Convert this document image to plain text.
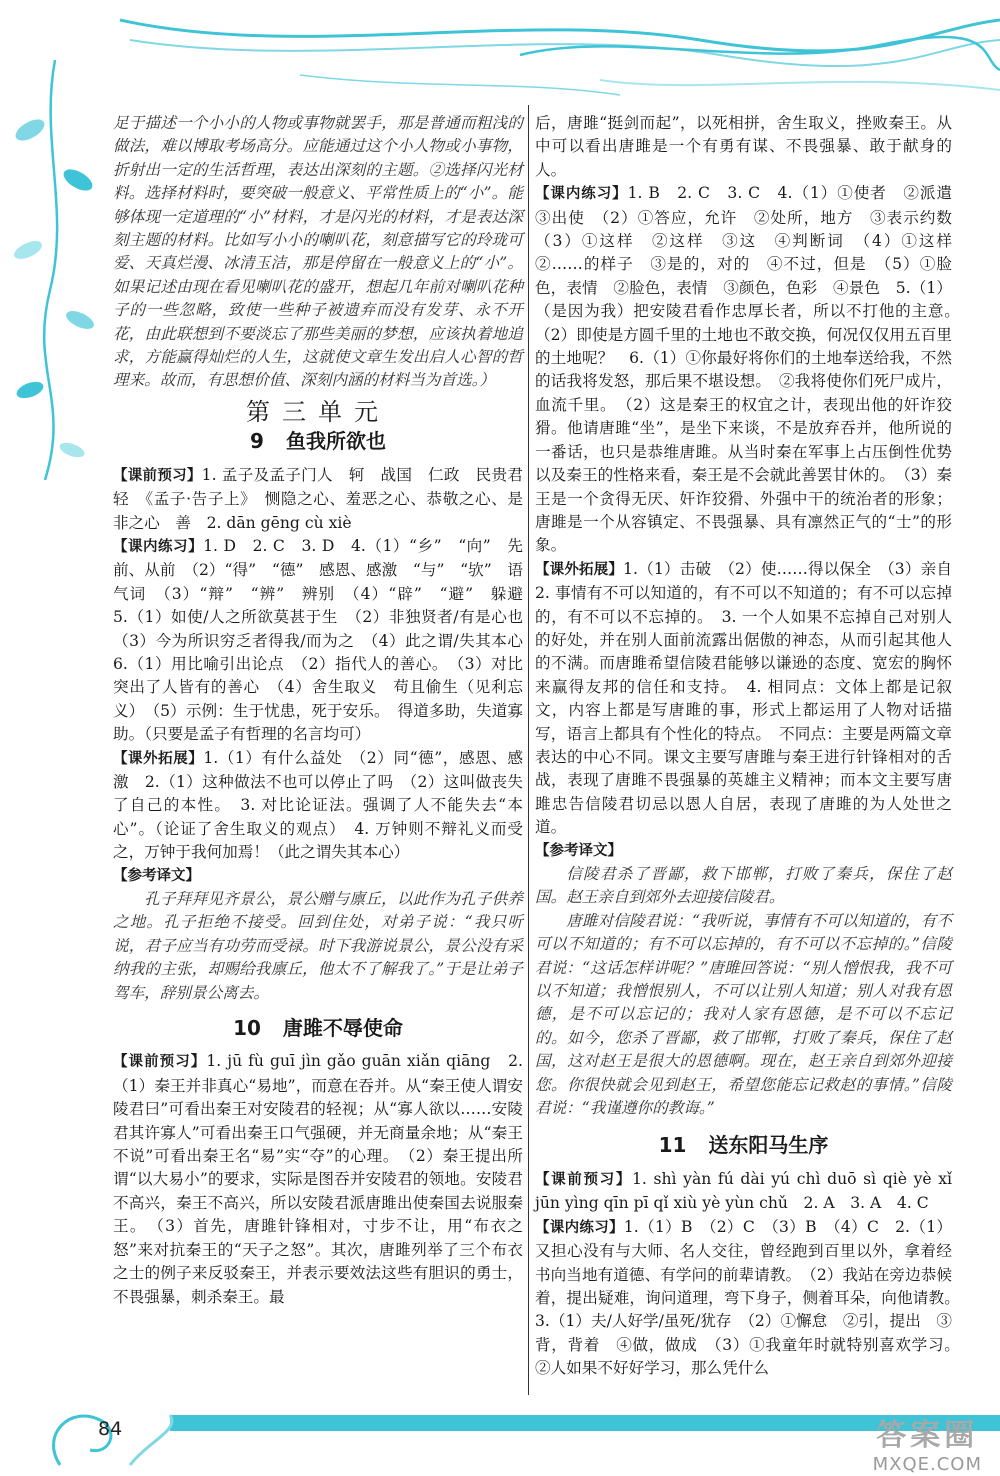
84	答案圈
MXQE.COM

足于描述一个小小的人物或事物就罢手，那是普通而粗浅的做法，难以博取考场高分。应能通过这个小人物或小事物，折射出一定的生活哲理，表达出深刻的主题。②选择闪光材料。选择材料时，要突破一般意义、平常性质上的“小”。能够体现一定道理的“小”材料，才是闪光的材料，才是表达深刻主题的材料。比如写小小的喇叭花，刻意描写它的玲珑可爱、天真烂漫、冰清玉洁，那是停留在一般意义上的“小”。如果记述由现在看见喇叭花的盛开，想起几年前对喇叭花种子的一些忽略，致使一些种子被遗弃而没有发芽、永不开花，由此联想到不要淡忘了那些美丽的梦想，应该执着地追求，方能赢得灿烂的人生，这就使文章生发出启人心智的哲理来。故而，有思想价值、深刻内涵的材料当为首选。）

第三单元
9 鱼我所欲也

【课前预习】1. 孟子及孟子门人　轲　战国　仁政　民贵君轻　《孟子·告子上》　恻隐之心、羞恶之心、恭敬之心、是非之心　善　2. dān gēng cù xiè

【课内练习】1. D　2. C　3. D　4.（1）“乡”　“向”　先前、从前　（2）“得”　“德”　感恩、感激　“与”　“欤”　语气词　（3）“辩”　“辨”　辨别　（4）“辟”　“避”　躲避　5.（1）如使/人之所欲莫甚于生　（2）非独贤者/有是心也　（3）今为所识穷乏者得我/而为之　（4）此之谓/失其本心　6.（1）用比喻引出论点　（2）指代人的善心。　（3）对比　突出了人皆有的善心　（4）舍生取义　苟且偷生（见利忘义）　（5）示例：生于忧患，死于安乐。　得道多助，失道寡助。（只要是孟子有哲理的名言均可）

【课外拓展】1.（1）有什么益处　（2）同“德”，感恩、感激　2.（1）这种做法不也可以停止了吗　（2）这叫做丧失了自己的本性。　3. 对比论证法。强调了人不能失去“本心”。（论证了舍生取义的观点）　4. 万钟则不辩礼义而受之，万钟于我何加焉！（此之谓失其本心）

【参考译文】

孔子拜拜见齐景公，景公赠与廪丘，以此作为孔子供养之地。孔子拒绝不接受。回到住处，对弟子说：“我只听说，君子应当有功劳而受禄。时下我游说景公，景公没有采纳我的主张，却赐给我廪丘，他太不了解我了。”于是让弟子驾车，辞别景公离去。

10 唐雎不辱使命

【课前预习】1. jū fù guī jìn gǎo guān xiǎn qiāng　2.（1）秦王并非真心“易地”，而意在吞并。从“秦王使人谓安陵君曰”可看出秦王对安陵君的轻视；从“寡人欲以……安陵君其许寡人”可看出秦王口气强硬，并无商量余地；从“秦王不说”可看出秦王名“易”实“夺”的心理。　（2）秦王提出所谓“以大易小”的要求，实际是图吞并安陵君的领地。安陵君不高兴，秦王不高兴，所以安陵君派唐雎出使秦国去说服秦王。　（3）首先，唐雎针锋相对，寸步不让，用“布衣之怒”来对抗秦王的“天子之怒”。其次，唐雎列举了三个布衣之士的例子来反驳秦王，并表示要效法这些有胆识的勇士，不畏强暴，刺杀秦王。最

后，唐雎“挺剑而起”，以死相拼，舍生取义，挫败秦王。从中可以看出唐雎是一个有勇有谋、不畏强暴、敢于献身的人。

【课内练习】1. B　2. C　3. C　4.（1）①使者　②派遣　③出使　（2）①答应，允许　②处所，地方　③表示约数　（3）①这样　②这样　③这　④判断词　（4）①这样　②……的样子　③是的，对的　④不过，但是　（5）①脸色，表情　②脸色，表情　③颜色，色彩　④景色　5.（1）（是因为我）把安陵君看作忠厚长者，所以不打他的主意。　（2）即使是方圆千里的土地也不敢交换，何况仅仅用五百里的土地呢？　6.（1）①你最好将你们的土地奉送给我，不然的话我将发怒，那后果不堪设想。　②我将使你们死尸成片，血流千里。　（2）这是秦王的权宜之计，表现出他的奸诈狡猾。他请唐雎“坐”，是坐下来谈，不是放弃吞并，他所说的一番话，也只是恭维唐雎。从当时秦在军事上占压倒性优势以及秦王的性格来看，秦王是不会就此善罢甘休的。　（3）秦王是一个贪得无厌、奸诈狡猾、外强中干的统治者的形象；唐雎是一个从容镇定、不畏强暴、具有凛然正气的“士”的形象。

【课外拓展】1.（1）击破　（2）使……得以保全　（3）亲自　2. 事情有不可以知道的，有不可以不知道的；有不可以忘掉的，有不可以不忘掉的。　3. 一个人如果不忘掉自己对别人的好处，并在别人面前流露出倨傲的神态，从而引起其他人的不满。而唐雎希望信陵君能够以谦逊的态度、宽宏的胸怀来赢得友邦的信任和支持。　4. 相同点：文体上都是记叙文，内容上都是写唐雎的事，形式上都运用了人物对话描写，语言上都具有个性化的特点。　不同点：主要是两篇文章表达的中心不同。课文主要写唐雎与秦王进行针锋相对的舌战，表现了唐雎不畏强暴的英雄主义精神；而本文主要写唐雎忠告信陵君切忌以恩人自居，表现了唐雎的为人处世之道。

【参考译文】

信陵君杀了晋鄙，救下邯郸，打败了秦兵，保住了赵国。赵王亲自到郊外去迎接信陵君。

唐雎对信陵君说：“我听说，事情有不可以知道的，有不可以不知道的；有不可以忘掉的，有不可以不忘掉的。”信陵君说：“这话怎样讲呢？”唐雎回答说：“别人憎恨我，我不可以不知道；我憎恨别人，不可以让别人知道；别人对我有恩德，是不可以忘记的；我对人家有恩德，是不可以不忘记的。如今，您杀了晋鄙，救了邯郸，打败了秦兵，保住了赵国，这对赵王是很大的恩德啊。现在，赵王亲自到郊外迎接您。你很快就会见到赵王，希望您能忘记救赵的事情。”信陵君说：“我谨遵你的教诲。”

11 送东阳马生序

【课前预习】1. shì yàn fú dài yú chì duō sì qiè yè xǐ jūn yìng qīn pī qǐ xiù yè yùn chǔ　2. A　3. A　4. C

【课内练习】1.（1）B　（2）C　（3）B　（4）C　2.（1）又担心没有与大师、名人交往，曾经跑到百里以外，拿着经书向当地有道德、有学问的前辈请教。　（2）我站在旁边恭候着，提出疑难，询问道理，弯下身子，侧着耳朵，向他请教。　3.（1）夫/人好学/虽死/犹存　（2）①懈怠　②引，提出　③背，背着　④做，做成　（3）①我童年时就特别喜欢学习。　②人如果不好好学习，那么凭什么
